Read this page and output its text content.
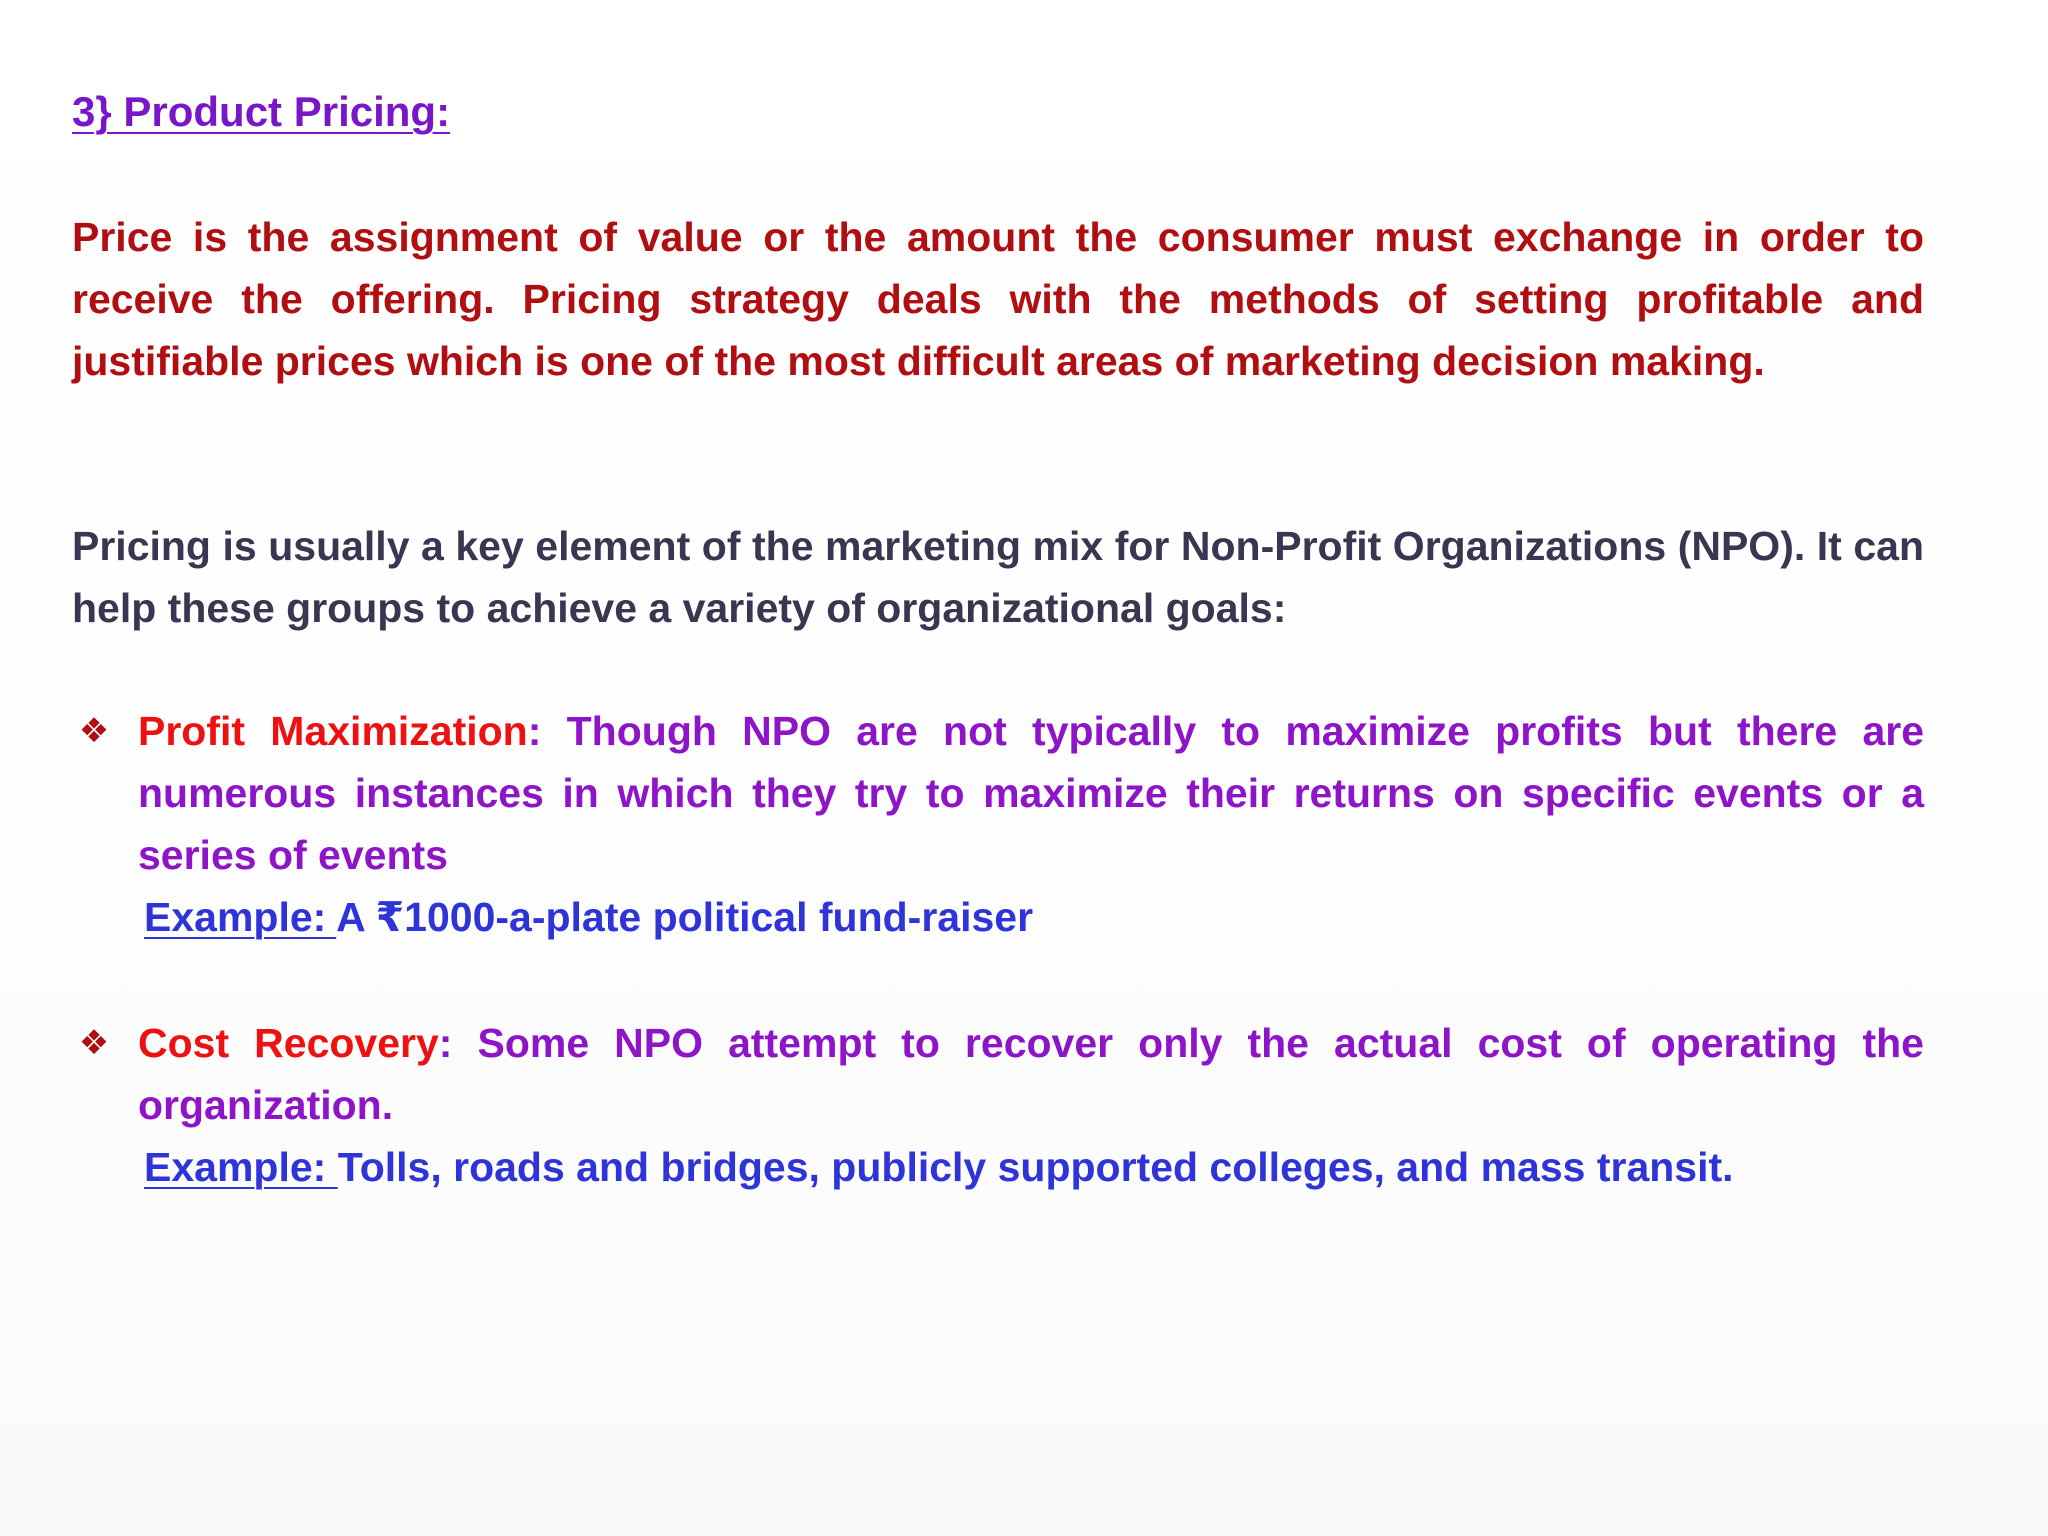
3} Product Pricing:
Price is the assignment of value or the amount the consumer must exchange in order to receive the offering. Pricing strategy deals with the methods of setting profitable and justifiable prices which is one of the most difficult areas of marketing decision making.
Pricing is usually a key element of the marketing mix for Non-Profit Organizations (NPO). It can help these groups to achieve a variety of organizational goals:
❖ Profit Maximization: Though NPO are not typically to maximize profits but there are numerous instances in which they try to maximize their returns on specific events or a series of events
Example: A ₹1000-a-plate political fund-raiser
❖ Cost Recovery: Some NPO attempt to recover only the actual cost of operating the organization.
Example: Tolls, roads and bridges, publicly supported colleges, and mass transit.
